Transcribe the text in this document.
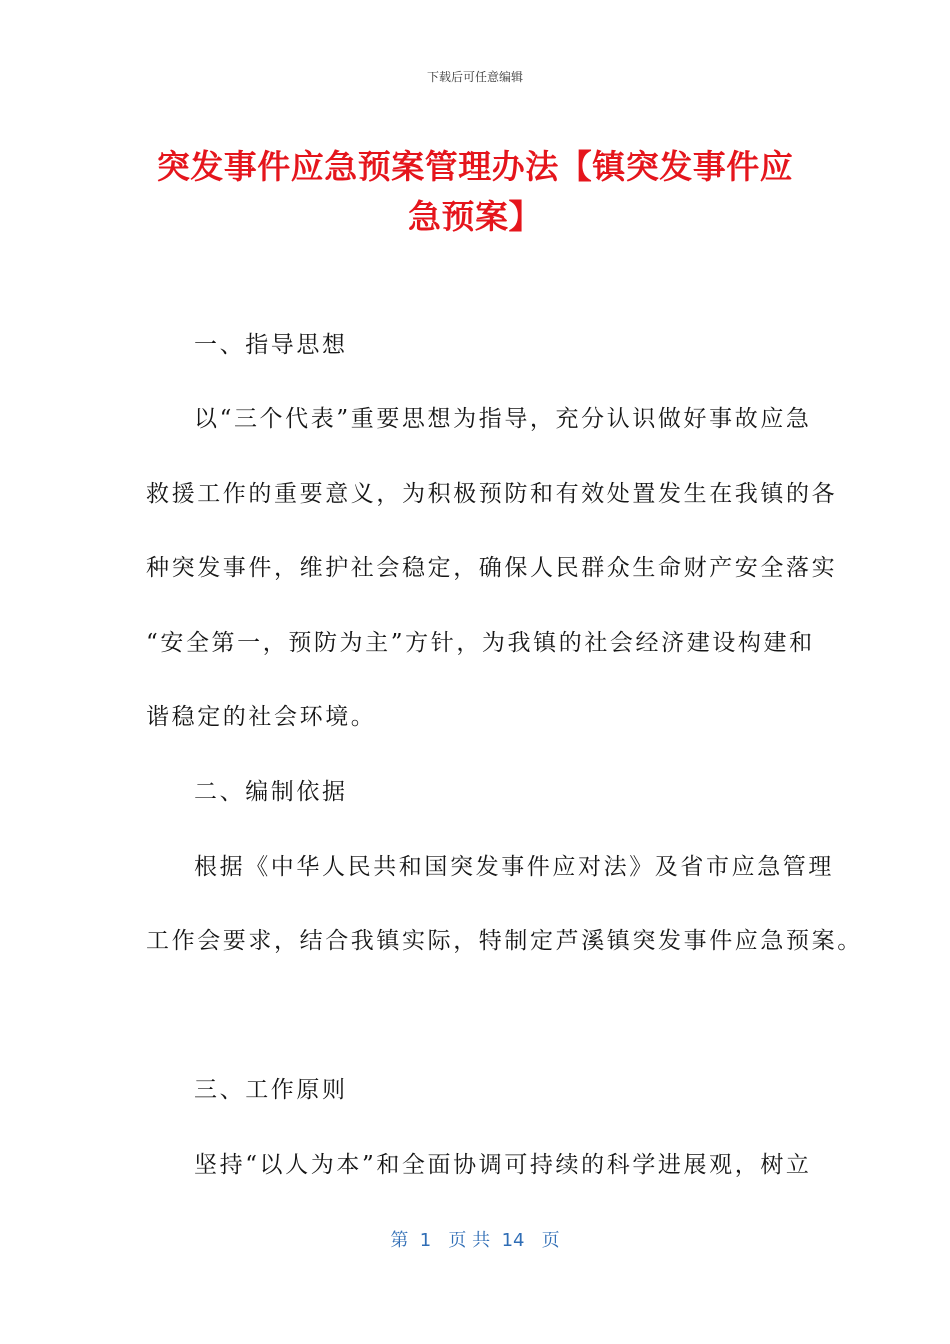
下载后可任意编辑
突发事件应急预案管理办法【镇突发事件应
急预案】
一、指导思想
以“三个代表”重要思想为指导，充分认识做好事故应急
救援工作的重要意义，为积极预防和有效处置发生在我镇的各
种突发事件，维护社会稳定，确保人民群众生命财产安全落实
“安全第一，预防为主”方针，为我镇的社会经济建设构建和
谐稳定的社会环境。
二、编制依据
根据《中华人民共和国突发事件应对法》及省市应急管理
工作会要求，结合我镇实际，特制定芦溪镇突发事件应急预案。
三、工作原则
坚持“以人为本”和全面协调可持续的科学进展观，树立
第  1   页 共  14   页
